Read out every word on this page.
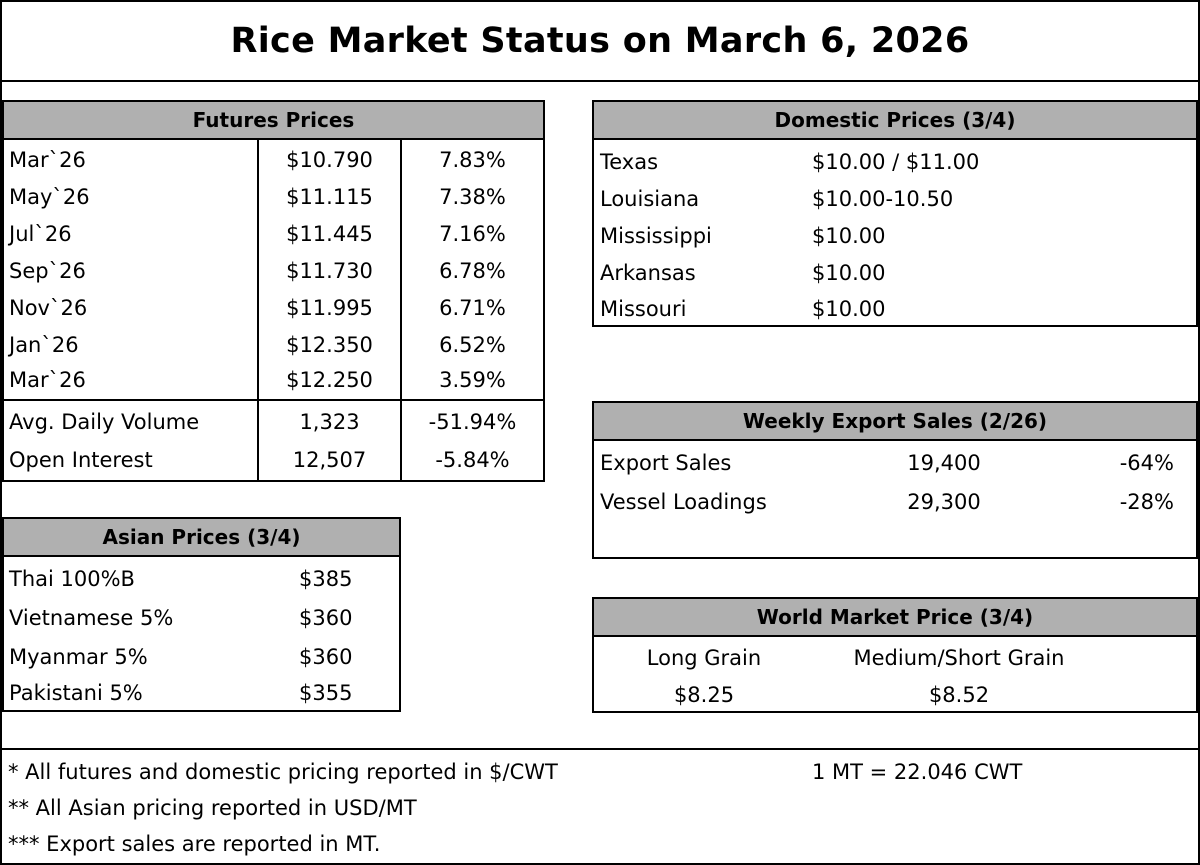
Rice Market Status on March 6, 2026
Futures Prices
Mar`26	$10.790	7.83%
May`26	$11.115	7.38%
Jul`26	$11.445	7.16%
Sep`26	$11.730	6.78%
Nov`26	$11.995	6.71%
Jan`26	$12.350	6.52%
Mar`26	$12.250	3.59%
Avg. Daily Volume	1,323	-51.94%
Open Interest	12,507	-5.84%
Domestic Prices (3/4)
Texas	$10.00 / $11.00
Louisiana	$10.00-10.50
Mississippi	$10.00
Arkansas	$10.00
Missouri	$10.00
Weekly Export Sales (2/26)
Export Sales	19,400	-64%
Vessel Loadings	29,300	-28%
Asian Prices (3/4)
Thai 100%B	$385
Vietnamese 5%	$360
Myanmar 5%	$360
Pakistani 5%	$355
World Market Price (3/4)
Long Grain	Medium/Short Grain
$8.25	$8.52
* All futures and domestic pricing reported in $/CWT	1 MT = 22.046 CWT
** All Asian pricing reported in USD/MT
*** Export sales are reported in MT.
